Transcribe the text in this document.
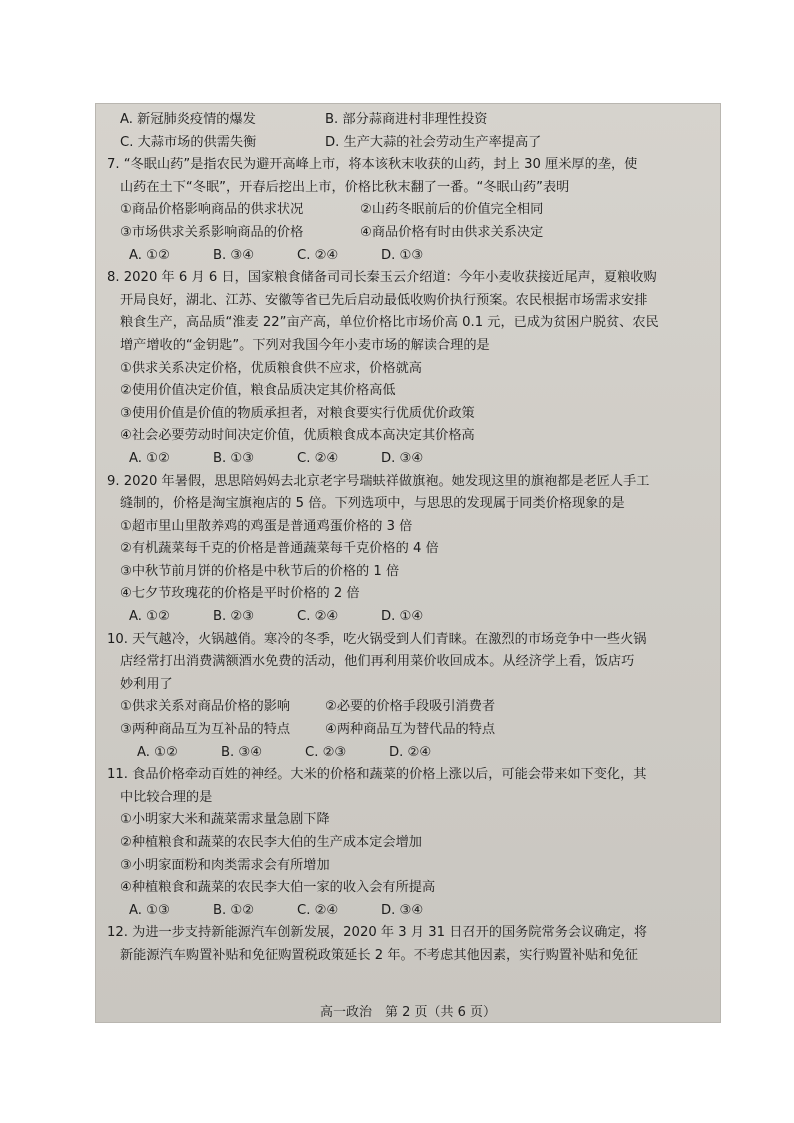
A. 新冠肺炎疫情的爆发	B. 部分蒜商进村非理性投资
C. 大蒜市场的供需失衡	D. 生产大蒜的社会劳动生产率提高了
7. “冬眠山药”是指农民为避开高峰上市，将本该秋末收获的山药，封上 30 厘米厚的垄，使
山药在土下“冬眠”，开春后挖出上市，价格比秋末翻了一番。“冬眠山药”表明
①商品价格影响商品的供求状况	②山药冬眠前后的价值完全相同
③市场供求关系影响商品的价格	④商品价格有时由供求关系决定
A. ①②	B. ③④	C. ②④	D. ①③
8. 2020 年 6 月 6 日，国家粮食储备司司长秦玉云介绍道：今年小麦收获接近尾声，夏粮收购
开局良好，湖北、江苏、安徽等省已先后启动最低收购价执行预案。农民根据市场需求安排
粮食生产，高品质“淮麦 22”亩产高，单位价格比市场价高 0.1 元，已成为贫困户脱贫、农民
增产增收的“金钥匙”。下列对我国今年小麦市场的解读合理的是
①供求关系决定价格，优质粮食供不应求，价格就高
②使用价值决定价值，粮食品质决定其价格高低
③使用价值是价值的物质承担者，对粮食要实行优质优价政策
④社会必要劳动时间决定价值，优质粮食成本高决定其价格高
A. ①②	B. ①③	C. ②④	D. ③④
9. 2020 年暑假，思思陪妈妈去北京老字号瑞蚨祥做旗袍。她发现这里的旗袍都是老匠人手工
缝制的，价格是淘宝旗袍店的 5 倍。下列选项中，与思思的发现属于同类价格现象的是
①超市里山里散养鸡的鸡蛋是普通鸡蛋价格的 3 倍
②有机蔬菜每千克的价格是普通蔬菜每千克价格的 4 倍
③中秋节前月饼的价格是中秋节后的价格的 1 倍
④七夕节玫瑰花的价格是平时价格的 2 倍
A. ①②	B. ②③	C. ②④	D. ①④
10. 天气越冷，火锅越俏。寒冷的冬季，吃火锅受到人们青睐。在激烈的市场竞争中一些火锅
店经常打出消费满额酒水免费的活动，他们再利用菜价收回成本。从经济学上看，饭店巧
妙利用了
①供求关系对商品价格的影响	②必要的价格手段吸引消费者
③两种商品互为互补品的特点	④两种商品互为替代品的特点
A. ①②	B. ③④	C. ②③	D. ②④
11. 食品价格牵动百姓的神经。大米的价格和蔬菜的价格上涨以后，可能会带来如下变化，其
中比较合理的是
①小明家大米和蔬菜需求量急剧下降
②种植粮食和蔬菜的农民李大伯的生产成本定会增加
③小明家面粉和肉类需求会有所增加
④种植粮食和蔬菜的农民李大伯一家的收入会有所提高
A. ①③	B. ①②	C. ②④	D. ③④
12. 为进一步支持新能源汽车创新发展，2020 年 3 月 31 日召开的国务院常务会议确定，将
新能源汽车购置补贴和免征购置税政策延长 2 年。不考虑其他因素，实行购置补贴和免征
高一政治　第 2 页（共 6 页）
